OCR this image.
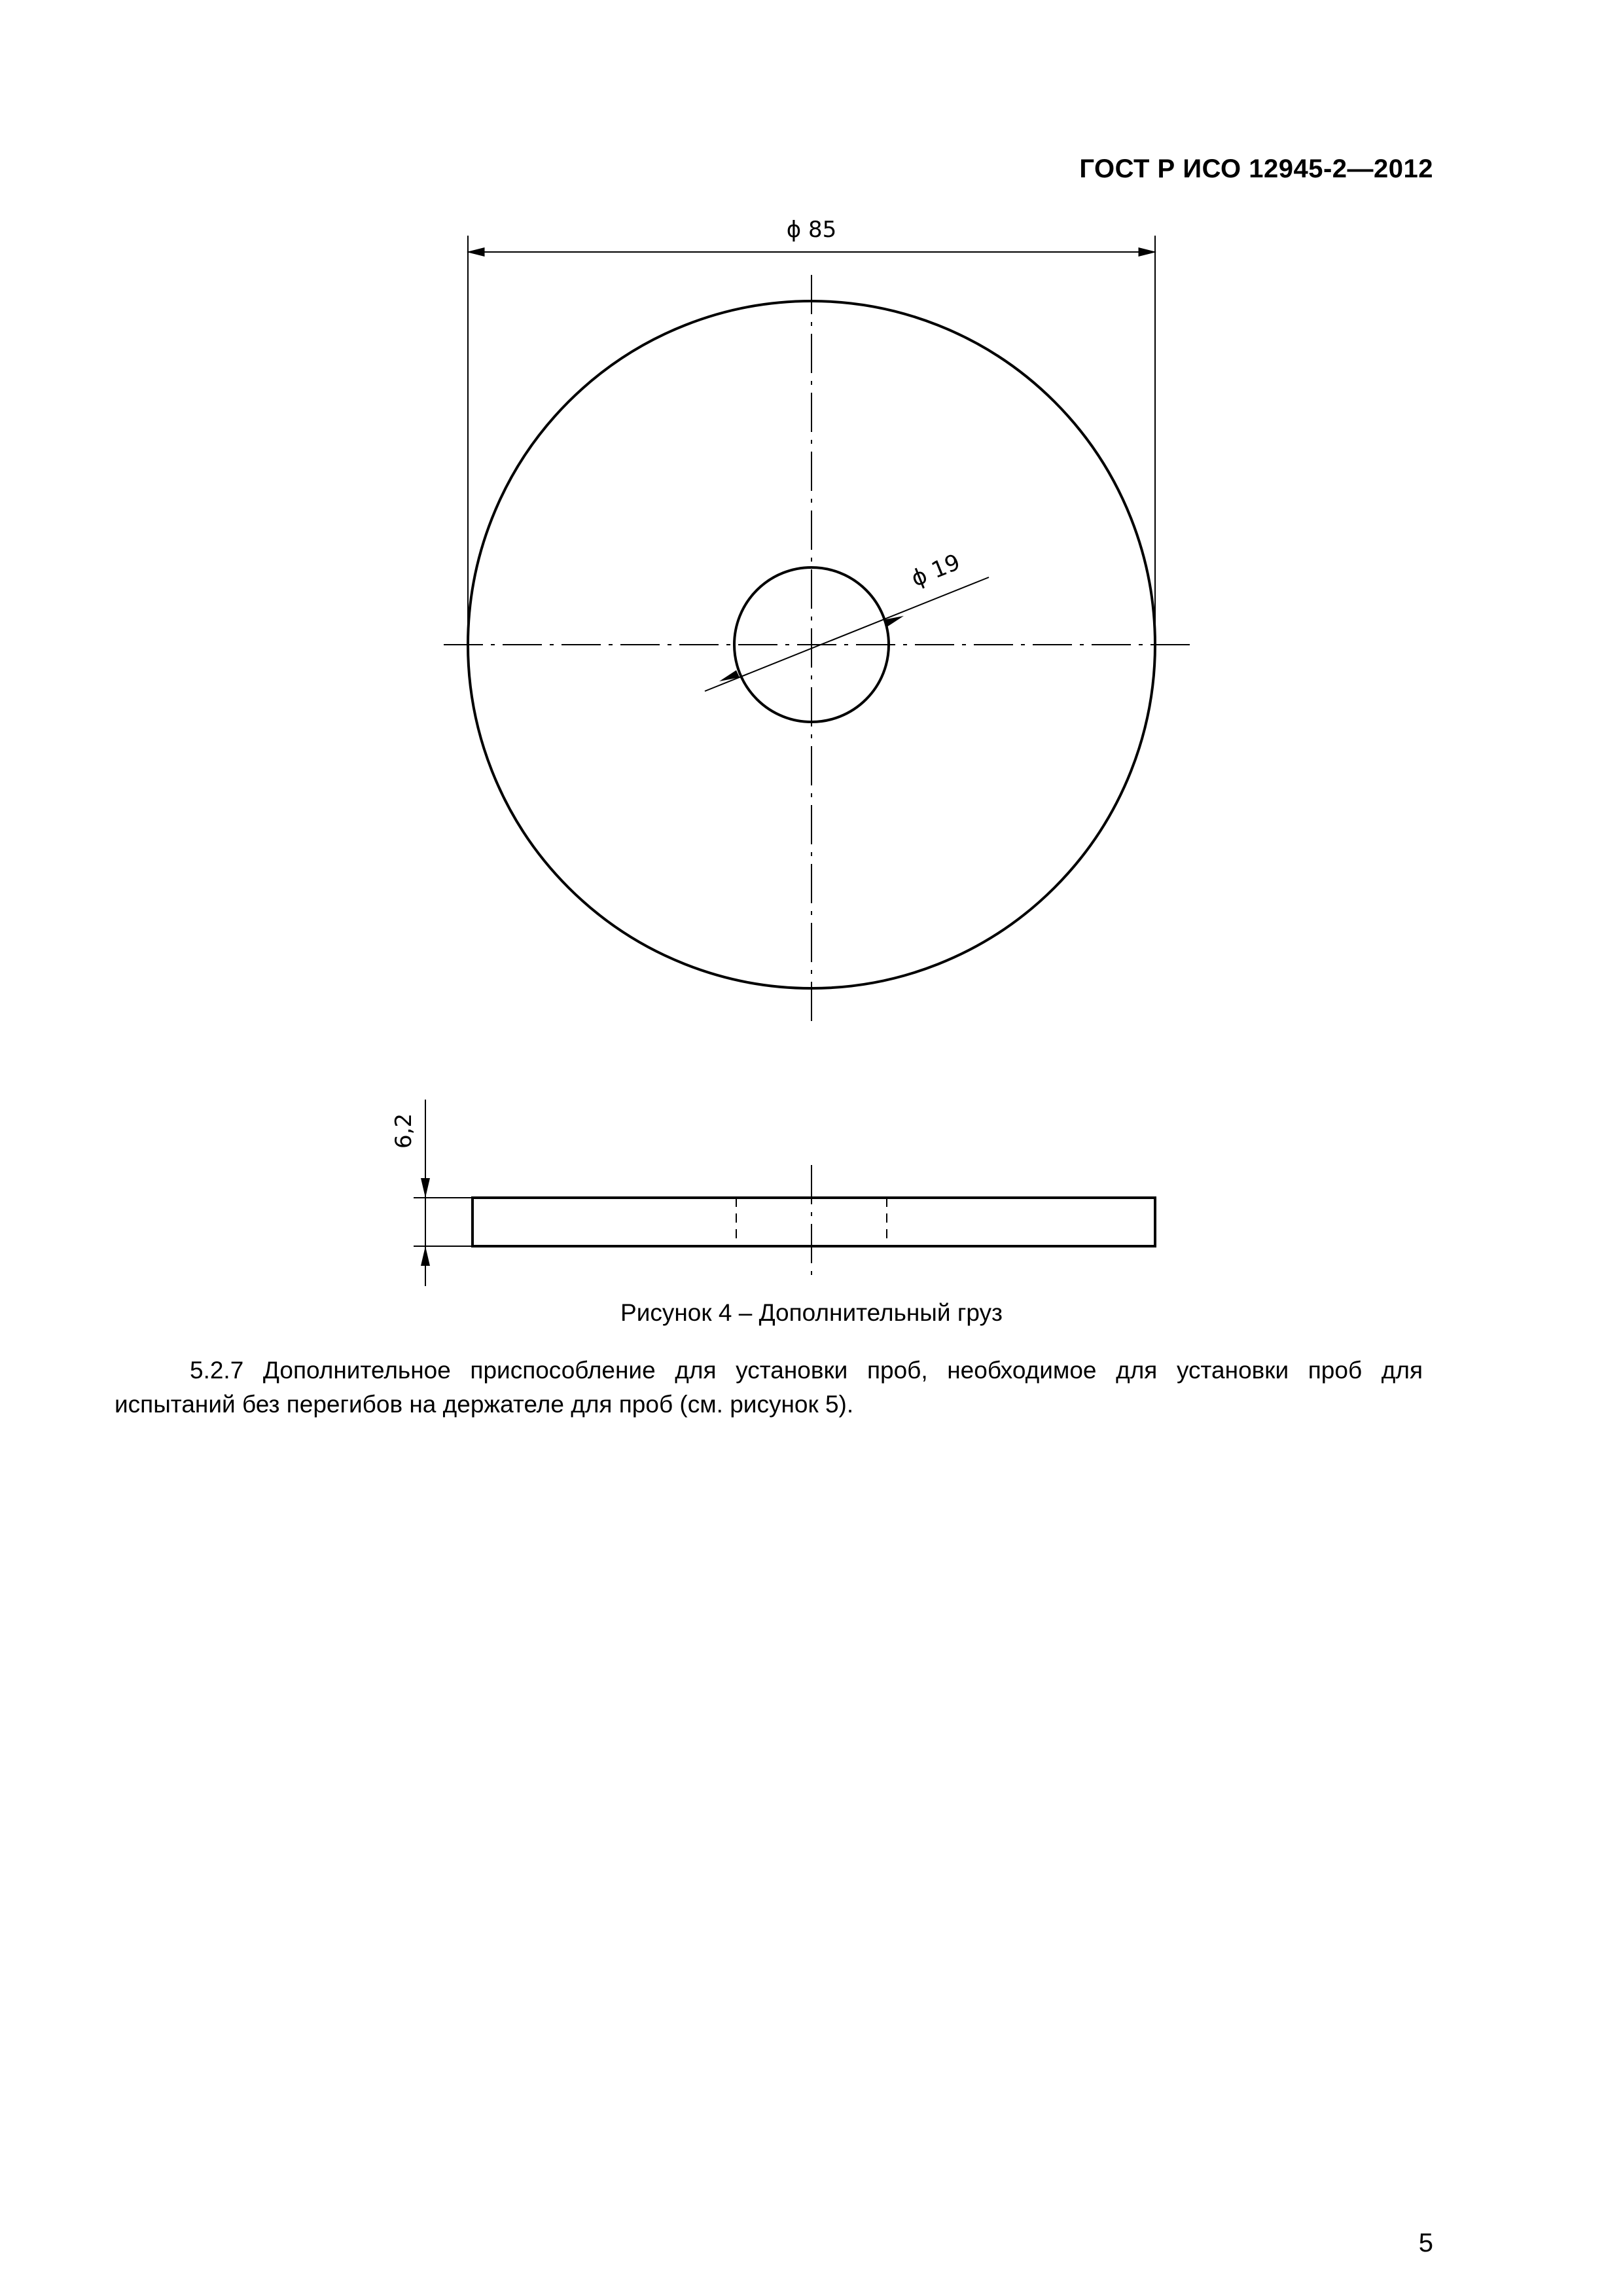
ГОСТ Р ИСО 12945-2—2012
ϕ 85
ϕ 19
6,2
Рисунок 4 – Дополнительный груз
5.2.7 Дополнительное приспособление для установки проб, необходимое для установки проб для испытаний без перегибов на держателе для проб (см. рисунок 5).
5
